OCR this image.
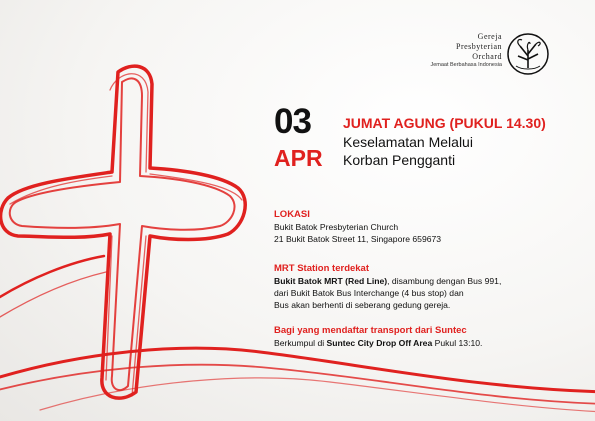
Gereja
Presbyterian
Orchard
Jemaat Berbahasa Indonesia
03
APR
JUMAT AGUNG (PUKUL 14.30)
Keselamatan Melalui
Korban Pengganti
LOKASI
Bukit Batok Presbyterian Church
21 Bukit Batok Street 11, Singapore 659673
MRT Station terdekat
Bukit Batok MRT (Red Line), disambung dengan Bus 991,
dari Bukit Batok Bus Interchange (4 bus stop) dan
Bus akan berhenti di seberang gedung gereja.
Bagi yang mendaftar transport dari Suntec
Berkumpul di Suntec City Drop Off Area Pukul 13:10.
